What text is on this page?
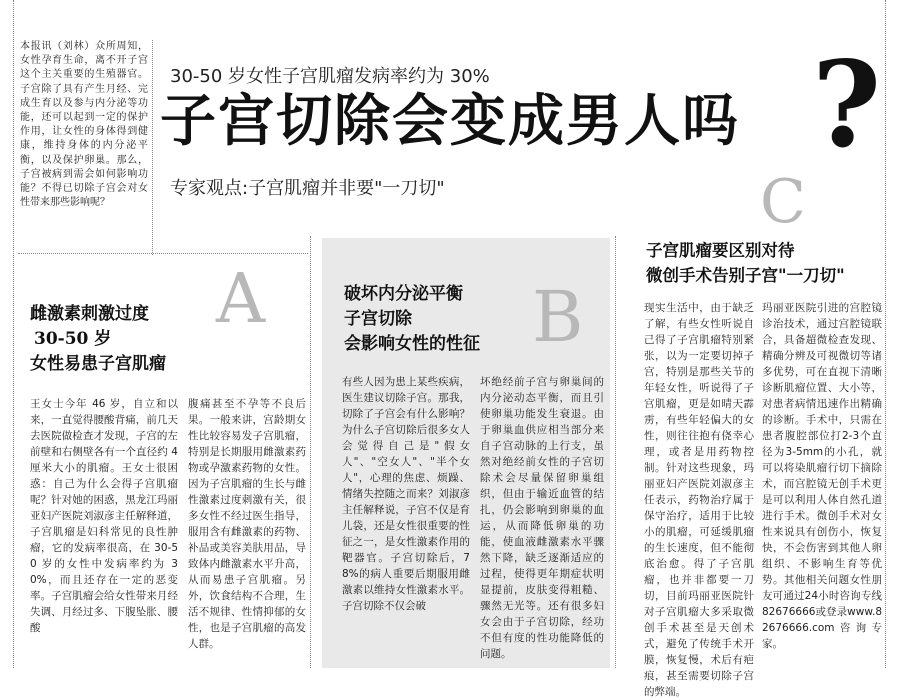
本报讯（刘林）众所周知，女性孕育生命，离不开子宫这个主关重要的生殖器官。子宫除了具有产生月经、完成生育以及参与内分泌等功能，还可以起到一定的保护作用，让女性的身体得到健康，维持身体的内分泌平衡，以及保护卵巢。那么，子宫被病到需会如何影响功能？不得已切除子宫会对女性带来那些影响呢？
30-50 岁女性子宫肌瘤发病率约为 30%
子宫切除会变成男人吗 ?
专家观点:子宫肌瘤并非要"一刀切"
A
雌激素刺激过度
30-50 岁
女性易患子宫肌瘤
王女士今年 46 岁，自立和以来，一直觉得腰酸背痛，前几天去医院做检查才发现，子宫的左前壁和右侧壁各有一个直径约 4 厘米大小的肌瘤。王女士很困惑：自己为什么会得子宫肌瘤呢？针对她的困惑，黑龙江玛丽亚妇产医院刘淑彦主任解释道，子宫肌瘤是妇科常见的良性肿瘤，它的发病率很高，在 30-50 岁的女性中发病率约为 30%，而且还存在一定的恶变率。子宫肌瘤会给女性带来月经失调、月经过多、下腹坠胀、腰酸
腹痛甚至不孕等不良后果。一般来讲，宫龄期女性比较容易发子宫肌瘤，特别是长期服用雌激素药物或孕激素药物的女性。因为子宫肌瘤的生长与雌性激素过度刺激有关，很多女性不经过医生指导，服用含有雌激素的药物、补品或美容美肤用品，导致体内雌激素水平升高，从而易患子宫肌瘤。另外，饮食结构不合理，生活不规律、性情抑郁的女性，也是子宫肌瘤的高发人群。
B
破坏内分泌平衡
子宫切除
会影响女性的性征
有些人因为患上某些疾病，医生建议切除子宫。那我，切除了子宫会有什么影响？为什么子宫切除后很多女人会觉得自己是"假女人"、"空女人"、"半个女人"，心理的焦虑、烦躁、情绪失控随之而来？刘淑彦主任解释说，子宫不仅是育儿袋，还是女性很重要的性征之一，是女性激素作用的靶器官。子宫切除后，78%的病人重要后期服用雌激素以维持女性激素水平。子宫切除不仅会破
坏绝经前子宫与卵巢间的内分泌动态平衡，而且引使卵巢功能发生衰退。由于卵巢血供应相当部分来自子宫动脉的上行支，虽然对绝经前女性的子宫切除术会尽量保留卵巢组织，但由于输近血管的结扎，仍会影响到卵巢的血运，从而降低卵巢的功能，使血液雌激素水平骤然下降，缺乏逐渐适应的过程，使得更年期症状明显提前，皮肤变得粗糙、骤然无光等。还有很多妇女会由于子宫切除，经功不但有度的性功能降低的问题。
C
子宫肌瘤要区别对待
微创手术告别子宫"一刀切"
现实生活中，由于缺乏了解，有些女性听说自己得了子宫肌瘤特别紧张，以为一定要切掉子宫，特别是那些关节的年轻女性，听说得了子宫肌瘤，更是如晴天霹雳，有些年轻偏大的女性，则往往抱有侥幸心理，或者是用药物控制。针对这些现象，玛丽亚妇产医院刘淑彦主任表示，药物治疗属于保守治疗，适用于比较小的肌瘤，可延缓肌瘤的生长速度，但不能彻底治愈。得了子宫肌瘤，也并非都要一刀切，目前玛丽亚医院针对子宫肌瘤大多采取微创手术甚至是天创术式，避免了传统手术开膜，恢复慢，术后有疤痕，甚至需要切除子宫的弊端。
玛丽亚医院引进的宫腔镜诊治技术，通过宫腔镜联合，具备超微检查发现、精确分辨及可视微切等诸多优势，可在直视下清晰诊断肌瘤位置、大小等，对患者病情迅速作出精确的诊断。手术中，只需在患者腹腔部位打2-3个直径为3-5mm的小孔，就可以将染肌瘤行切下摘除术，而宫腔镜无创手术更是可以利用人体自然孔道进行手术。微创手术对女性来说具有创伤小，恢复快，不会伤害到其他人卵组织、不影响生育等优势。其他相关问题女性朋友可通过24小时咨询专线82676666或登录www.82676666.com咨询专家。
